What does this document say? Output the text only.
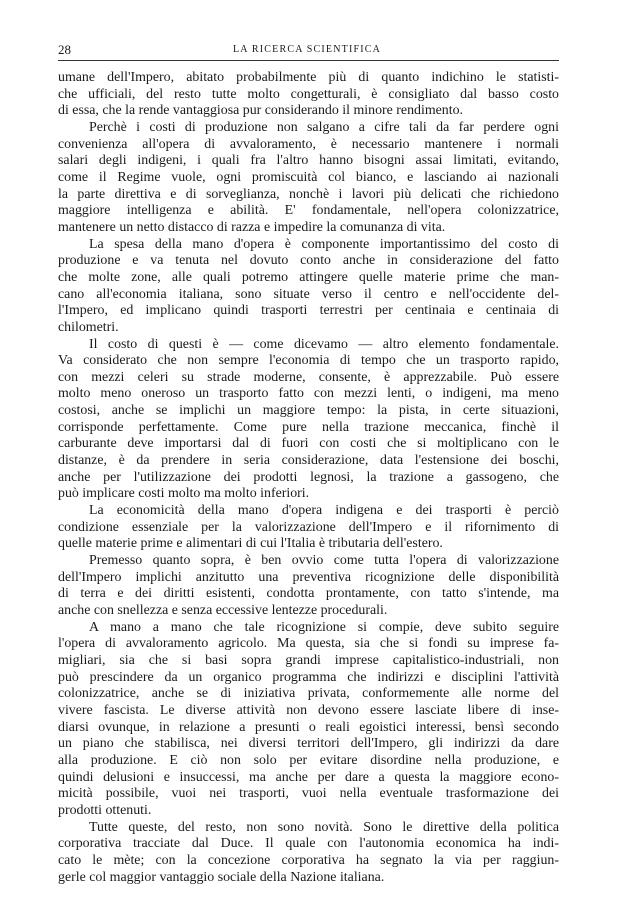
28	LA RICERCA SCIENTIFICA

umane dell'Impero, abitato probabilmente più di quanto indichino le statisti-

che ufficiali, del resto tutte molto congetturali, è consigliato dal basso costo

di essa, che la rende vantaggiosa pur considerando il minore rendimento.

Perchè i costi di produzione non salgano a cifre tali da far perdere ogni

convenienza all'opera di avvaloramento, è necessario mantenere i normali

salari degli indigeni, i quali fra l'altro hanno bisogni assai limitati, evitando,

come il Regime vuole, ogni promiscuità col bianco, e lasciando ai nazionali

la parte direttiva e di sorveglianza, nonchè i lavori più delicati che richiedono

maggiore intelligenza e abilità. E' fondamentale, nell'opera colonizzatrice,

mantenere un netto distacco di razza e impedire la comunanza di vita.

La spesa della mano d'opera è componente importantissimo del costo di

produzione e va tenuta nel dovuto conto anche in considerazione del fatto

che molte zone, alle quali potremo attingere quelle materie prime che man-

cano all'economia italiana, sono situate verso il centro e nell'occidente del-

l'Impero, ed implicano quindi trasporti terrestri per centinaia e centinaia di

chilometri.

Il costo di questi è — come dicevamo — altro elemento fondamentale.

Va considerato che non sempre l'economia di tempo che un trasporto rapido,

con mezzi celeri su strade moderne, consente, è apprezzabile. Può essere

molto meno oneroso un trasporto fatto con mezzi lenti, o indigeni, ma meno

costosi, anche se implichi un maggiore tempo: la pista, in certe situazioni,

corrisponde perfettamente. Come pure nella trazione meccanica, finchè il

carburante deve importarsi dal di fuori con costi che si moltiplicano con le

distanze, è da prendere in seria considerazione, data l'estensione dei boschi,

anche per l'utilizzazione dei prodotti legnosi, la trazione a gassogeno, che

può implicare costi molto ma molto inferiori.

La economicità della mano d'opera indigena e dei trasporti è perciò

condizione essenziale per la valorizzazione dell'Impero e il rifornimento di

quelle materie prime e alimentari di cui l'Italia è tributaria dell'estero.

Premesso quanto sopra, è ben ovvio come tutta l'opera di valorizzazione

dell'Impero implichi anzitutto una preventiva ricognizione delle disponibilità

di terra e dei diritti esistenti, condotta prontamente, con tatto s'intende, ma

anche con snellezza e senza eccessive lentezze procedurali.

A mano a mano che tale ricognizione si compie, deve subito seguire

l'opera di avvaloramento agricolo. Ma questa, sia che si fondi su imprese fa-

migliari, sia che si basi sopra grandi imprese capitalistico-industriali, non

può prescindere da un organico programma che indirizzi e disciplini l'attività

colonizzatrice, anche se di iniziativa privata, conformemente alle norme del

vivere fascista. Le diverse attività non devono essere lasciate libere di inse-

diarsi ovunque, in relazione a presunti o reali egoistici interessi, bensì secondo

un piano che stabilisca, nei diversi territori dell'Impero, gli indirizzi da dare

alla produzione. E ciò non solo per evitare disordine nella produzione, e

quindi delusioni e insuccessi, ma anche per dare a questa la maggiore econo-

micità possibile, vuoi nei trasporti, vuoi nella eventuale trasformazione dei

prodotti ottenuti.

Tutte queste, del resto, non sono novità. Sono le direttive della politica

corporativa tracciate dal Duce. Il quale con l'autonomia economica ha indi-

cato le mète; con la concezione corporativa ha segnato la via per raggiun-

gerle col maggior vantaggio sociale della Nazione italiana.
